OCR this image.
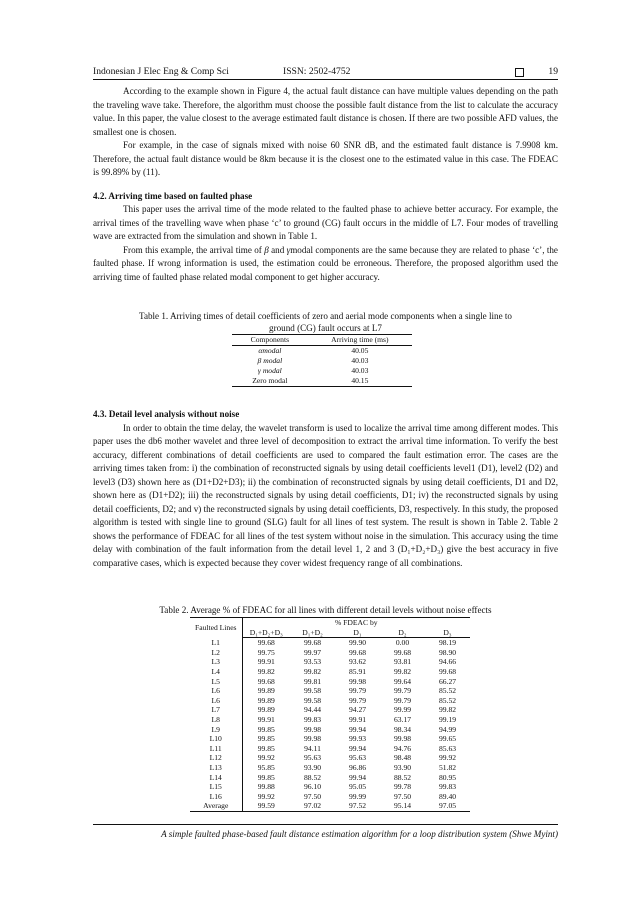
Indonesian J Elec Eng & Comp Sci	ISSN: 2502-4752	19

According to the example shown in Figure 4, the actual fault distance can have multiple values depending on the path the traveling wave take. Therefore, the algorithm must choose the possible fault distance from the list to calculate the accuracy value. In this paper, the value closest to the average estimated fault distance is chosen. If there are two possible AFD values, the smallest one is chosen.

For example, in the case of signals mixed with noise 60 SNR dB, and the estimated fault distance is 7.9908 km. Therefore, the actual fault distance would be 8km because it is the closest one to the estimated value in this case. The FDEAC is 99.89% by (11).

4.2. Arriving time based on faulted phase

This paper uses the arrival time of the mode related to the faulted phase to achieve better accuracy. For example, the arrival times of the travelling wave when phase ‘c’ to ground (CG) fault occurs in the middle of L7. Four modes of travelling wave are extracted from the simulation and shown in Table 1.

From this example, the arrival time of β and γmodal components are the same because they are related to phase ‘c’, the faulted phase. If wrong information is used, the estimation could be erroneous. Therefore, the proposed algorithm used the arriving time of faulted phase related modal component to get higher accuracy.

Table 1. Arriving times of detail coefficients of zero and aerial mode components when a single line to
ground (CG) fault occurs at L7
Components	Arriving time (ms)
αmodal	40.05
β modal	40.03
γ modal	40.03
Zero modal	40.15

4.3. Detail level analysis without noise

In order to obtain the time delay, the wavelet transform is used to localize the arrival time among different modes. This paper uses the db6 mother wavelet and three level of decomposition to extract the arrival time information. To verify the best accuracy, different combinations of detail coefficients are used to compared the fault estimation error. The cases are the arriving times taken from: i) the combination of reconstructed signals by using detail coefficients level1 (D1), level2 (D2) and level3 (D3) shown here as (D1+D2+D3); ii) the combination of reconstructed signals by using detail coefficients, D1 and D2, shown here as (D1+D2); iii) the reconstructed signals by using detail coefficients, D1; iv) the reconstructed signals by using detail coefficients, D2; and v) the reconstructed signals by using detail coefficients, D3, respectively. In this study, the proposed algorithm is tested with single line to ground (SLG) fault for all lines of test system. The result is shown in Table 2. Table 2 shows the performance of FDEAC for all lines of the test system without noise in the simulation. This accuracy using the time delay with combination of the fault information from the detail level 1, 2 and 3 (D₁+D₂+D₃) give the best accuracy in five comparative cases, which is expected because they cover widest frequency range of all combinations.

Table 2. Average % of FDEAC for all lines with different detail levels without noise effects
Faulted Lines	% FDEAC by				
	D₁+D₂+D₃	D₁+D₂	D₁	D₂	D₃
L1	99.68	99.68	99.90	0.00	98.19
L2	99.75	99.97	99.68	99.68	98.90
L3	99.91	93.53	93.62	93.81	94.66
L4	99.82	99.82	85.91	99.82	99.68
L5	99.68	99.81	99.98	99.64	66.27
L6	99.89	99.58	99.79	99.79	85.52
L6	99.89	99.58	99.79	99.79	85.52
L7	99.89	94.44	94.27	99.99	99.82
L8	99.91	99.83	99.91	63.17	99.19
L9	99.85	99.98	99.94	98.34	94.99
L10	99.85	99.98	99.93	99.98	99.65
L11	99.85	94.11	99.94	94.76	85.63
L12	99.92	95.63	95.63	98.48	99.92
L13	95.85	93.90	96.86	93.90	51.82
L14	99.85	88.52	99.94	88.52	80.95
L15	99.88	96.10	95.05	99.78	99.83
L16	99.92	97.50	99.99	97.50	89.40
Average	99.59	97.02	97.52	95.14	97.05
A simple faulted phase-based fault distance estimation algorithm for a loop distribution system (Shwe Myint)
